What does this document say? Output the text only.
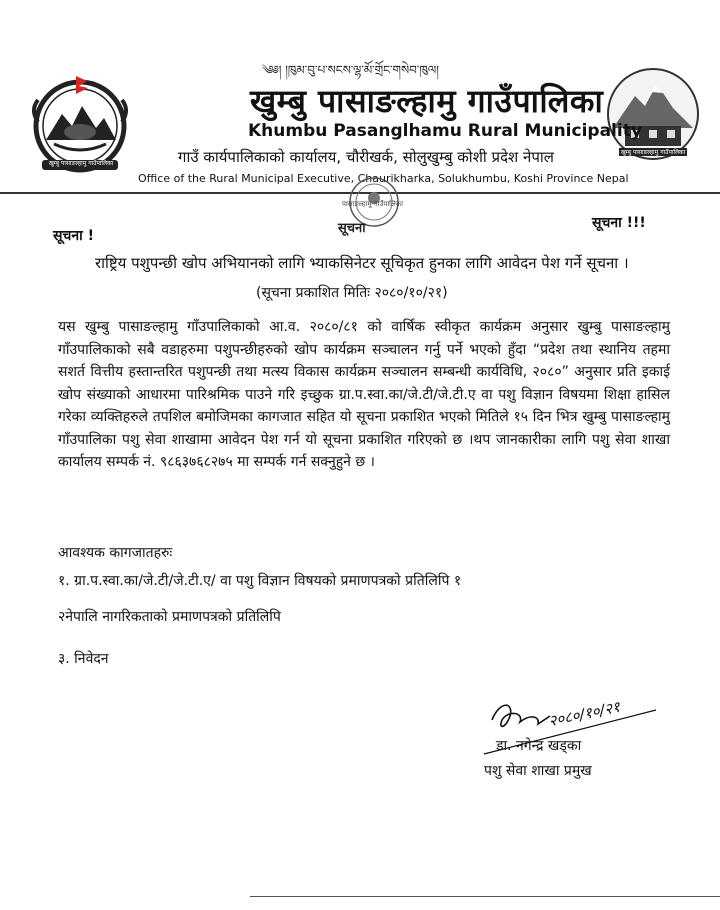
खुम्बु पासाङल्हामु गाउँपालिका
खुम्बु पासाङल्हामु गाउँपालिका
༄༅། །ཁུམ་བུ་པ་སངས་ལྷ་མོ་གྲོང་གསེབ་ཁུལ།
खुम्बु पासाङल्हामु गाउँपालिका
Khumbu Pasanglhamu Rural Municipality
गाउँ कार्यपालिकाको कार्यालय, चौरीखर्क, सोलुखुम्बु कोशी प्रदेश नेपाल
Office of the Rural Municipal Executive, Chaurikharka, Solukhumbu, Koshi Province Nepal
पासाङल्हामु गाउँपालिका
सूचना
सूचना !
सूचना !!!
राष्ट्रिय पशुपन्छी खोप अभियानको लागि भ्याकसिनेटर सूचिकृत हुनका लागि आवेदन पेश गर्ने सूचना ।
(सूचना प्रकाशित मितिः २०८०/१०/२१)
यस खुम्बु पासाङल्हामु गाँउपालिकाको आ.व. २०८०/८१ को वार्षिक स्वीकृत कार्यक्रम अनुसार खुम्बु पासाङल्हामु गाँउपालिकाको सबै वडाहरुमा पशुपन्छीहरुको खोप कार्यक्रम सञ्चालन गर्नु पर्ने भएको हुँदा “प्रदेश तथा स्थानिय तहमा सशर्त वित्तीय हस्तान्तरित पशुपन्छी तथा मत्स्य विकास कार्यक्रम सञ्चालन सम्बन्धी कार्यविधि, २०८०” अनुसार प्रति इकाई खोप संख्याको आधारमा पारिश्रमिक पाउने गरि इच्छुक ग्रा.प.स्वा.का/जे.टी/जे.टी.ए वा पशु विज्ञान विषयमा शिक्षा हासिल गरेका व्यक्तिहरुले तपशिल बमोजिमका कागजात सहित यो सूचना प्रकाशित भएको मितिले १५ दिन भित्र खुम्बु पासाङल्हामु गाँउपालिका पशु सेवा शाखामा आवेदन पेश गर्न यो सूचना प्रकाशित गरिएको छ ।थप जानकारीका लागि पशु सेवा शाखा कार्यालय सम्पर्क नं. ९८६३७६८२७५ मा सम्पर्क गर्न सक्नुहुने छ ।
आवश्यक कागजातहरुः
१. ग्रा.प.स्वा.का/जे.टी/जे.टी.ए/ वा पशु विज्ञान विषयको प्रमाणपत्रको प्रतिलिपि १
२नेपालि नागरिकताको प्रमाणपत्रको प्रतिलिपि
३. निवेदन
२०८०/१०/२१
डा. नगेन्द्र खड्का
पशु सेवा शाखा प्रमुख
